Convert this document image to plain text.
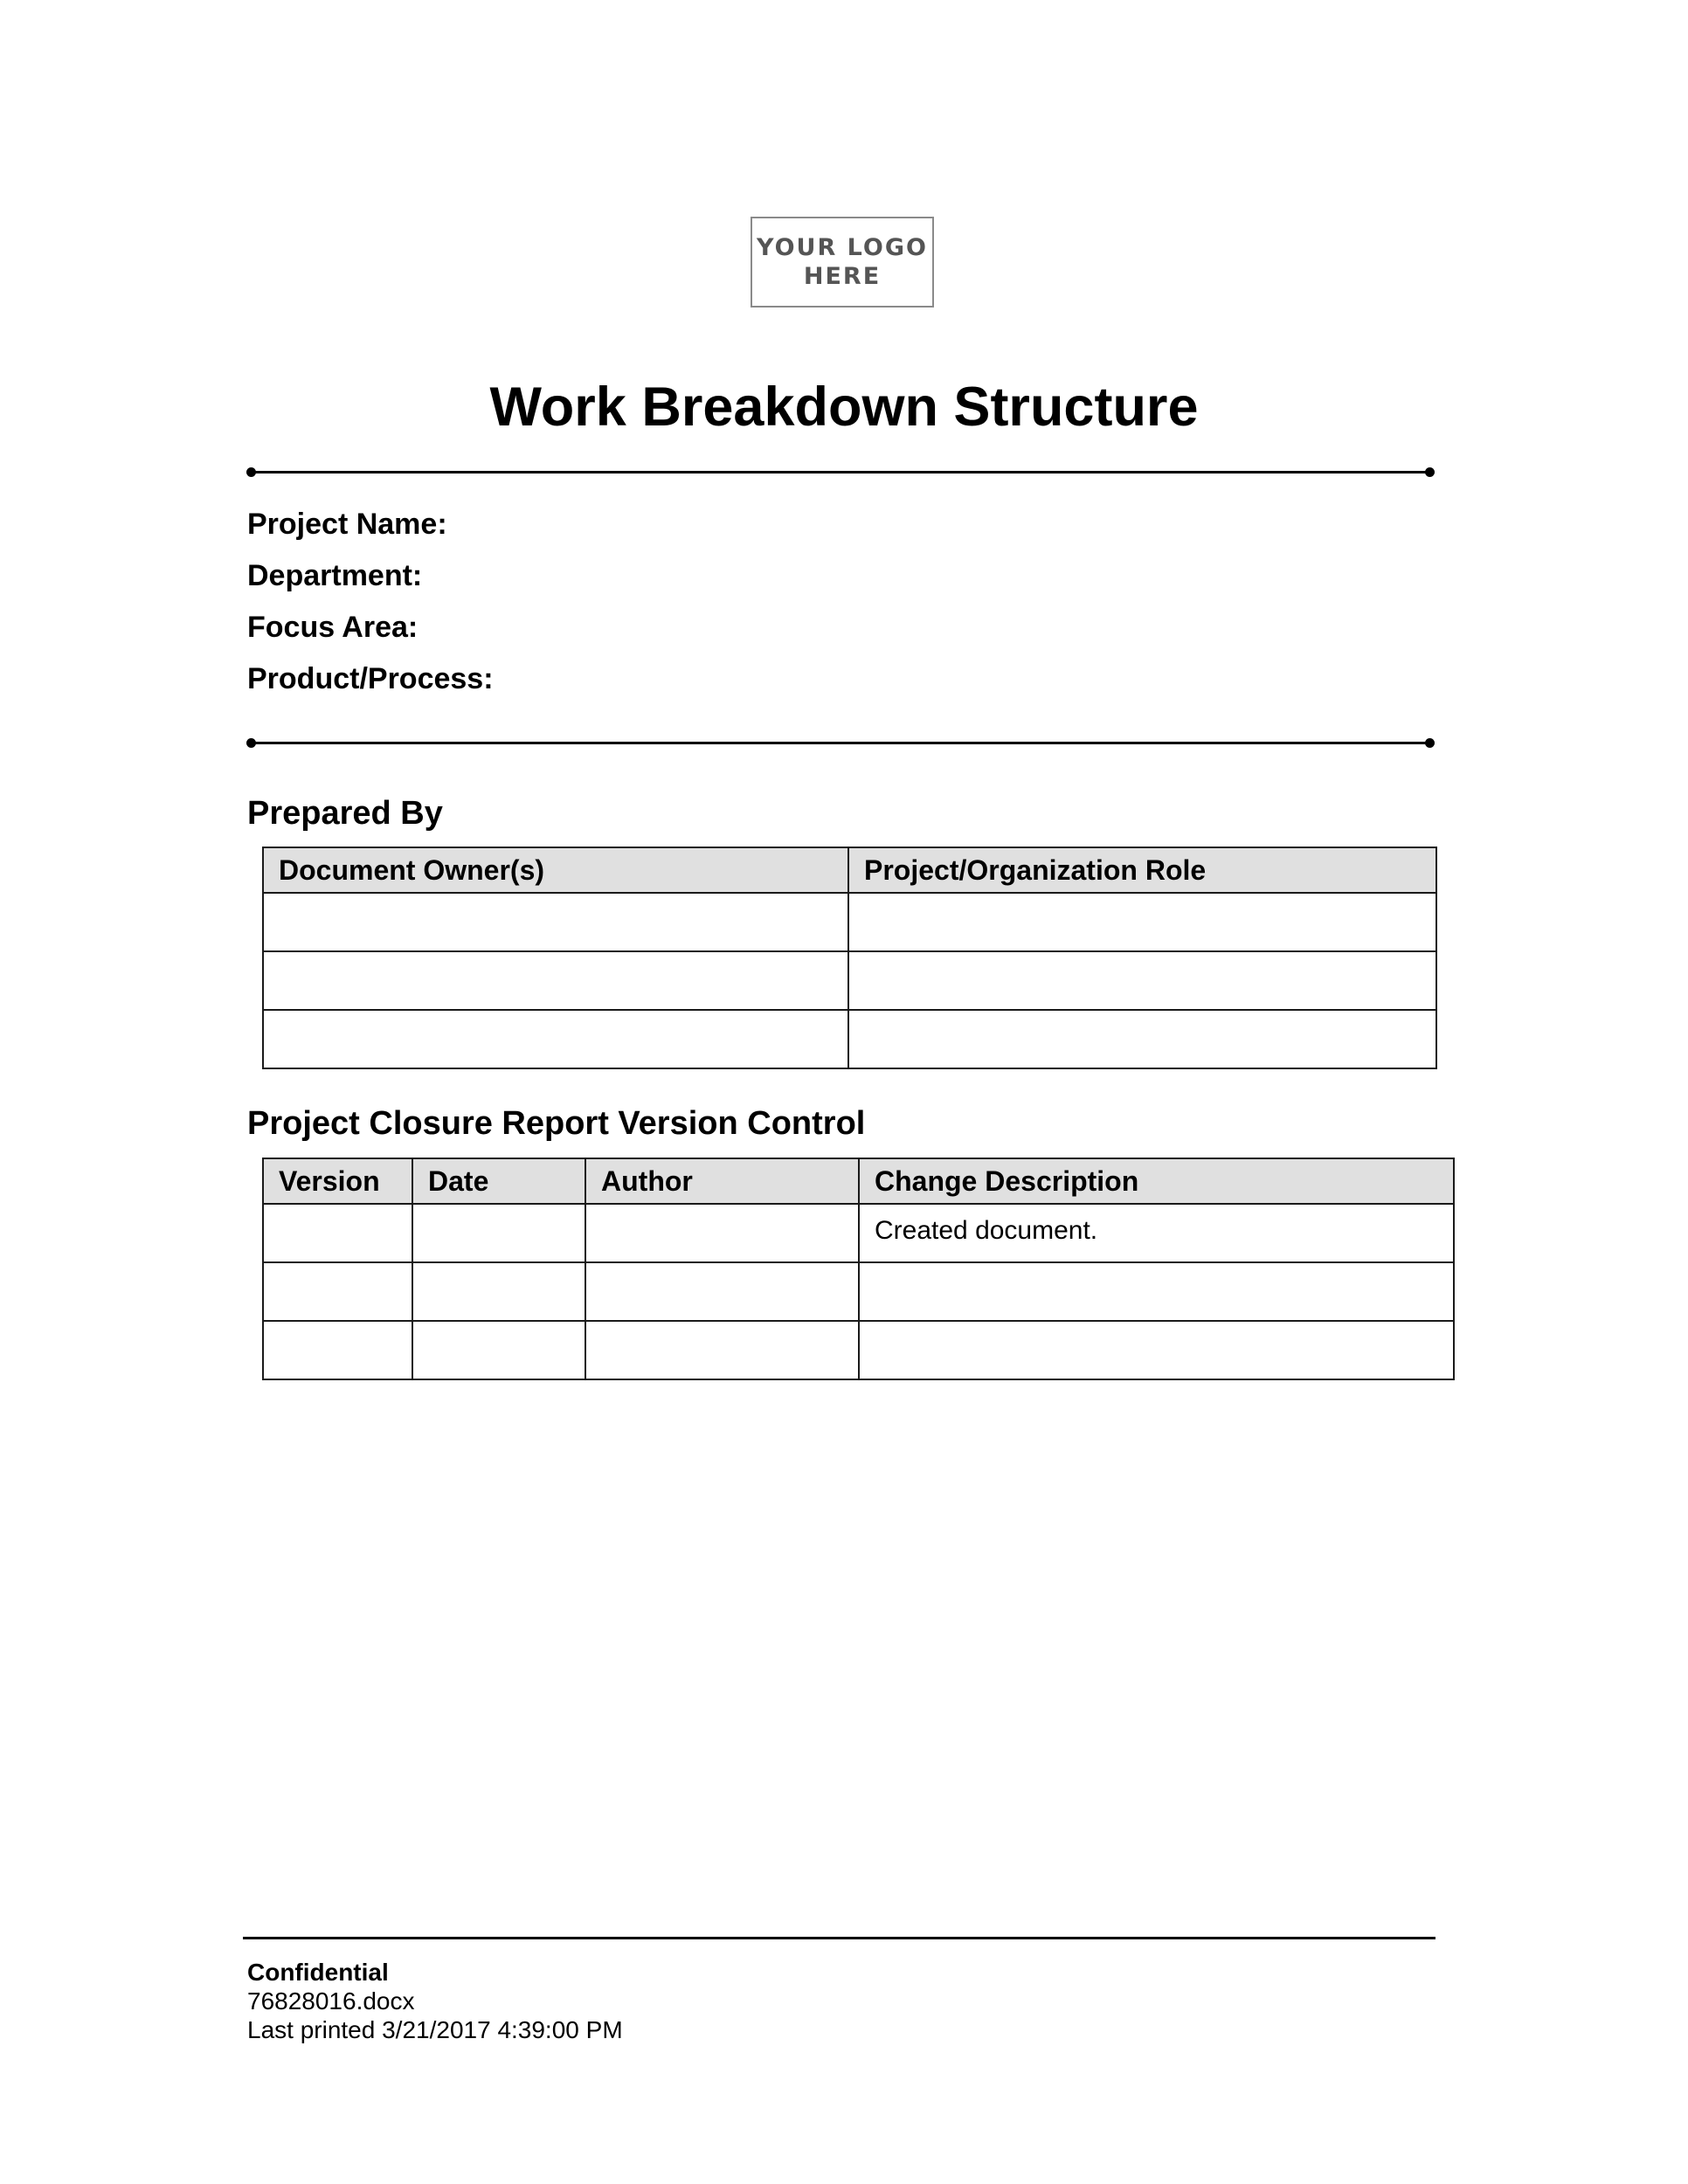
YOUR LOGO
HERE
Work Breakdown Structure
Project Name:
Department:
Focus Area:
Product/Process:
Prepared By
Document Owner(s)	Project/Organization Role

Project Closure Report Version Control
Version	Date	Author	Change Description
			Created document.

Confidential
76828016.docx
Last printed 3/21/2017 4:39:00 PM
